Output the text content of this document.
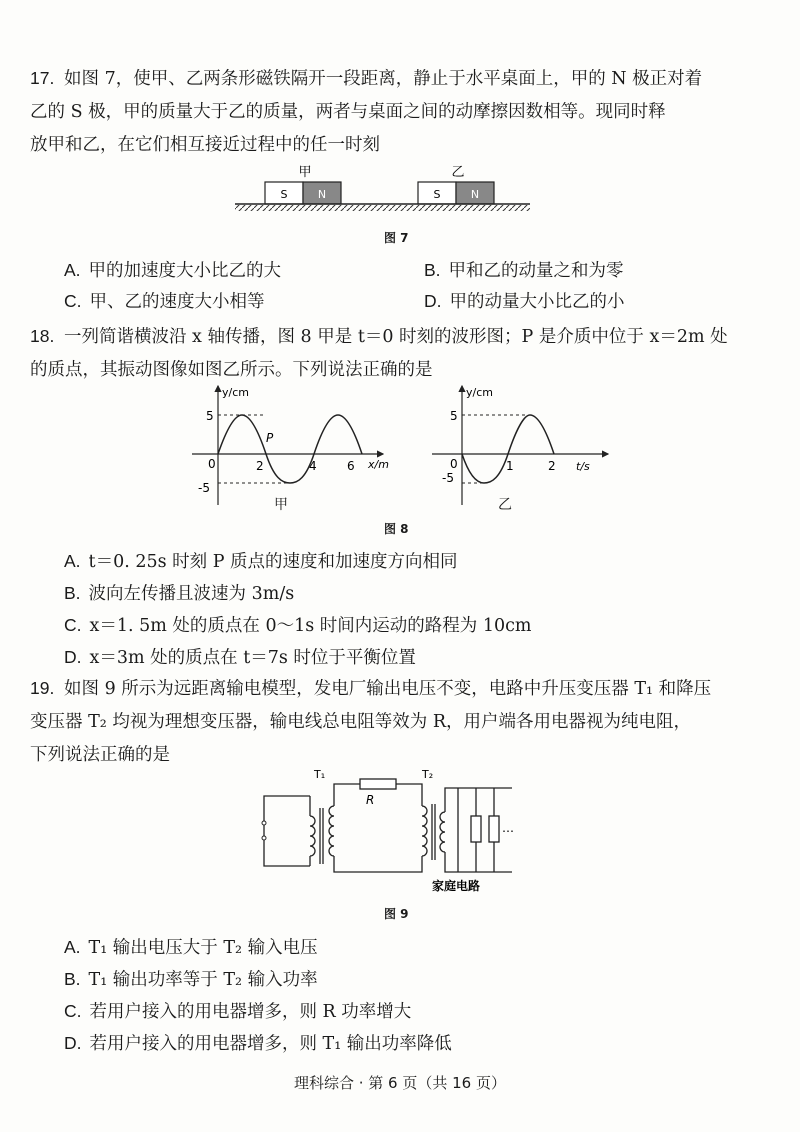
17. 如图 7，使甲、乙两条形磁铁隔开一段距离，静止于水平桌面上，甲的 N 极正对着
乙的 S 极，甲的质量大于乙的质量，两者与桌面之间的动摩擦因数相等。现同时释
放甲和乙，在它们相互接近过程中的任一时刻
甲	乙
S	N	S	N
图 7
A. 甲的加速度大小比乙的大	B. 甲和乙的动量之和为零
C. 甲、乙的速度大小相等	D. 甲的动量大小比乙的小
18. 一列简谐横波沿 x 轴传播，图 8 甲是 t＝0 时刻的波形图；P 是介质中位于 x＝2m 处
的质点，其振动图像如图乙所示。下列说法正确的是
y/cm
x/m
0
5
-5
2	4	6
P
甲
y/cm
t/s
0
5
-5
1	2
乙
图 8
A. t＝0. 25s 时刻 P 质点的速度和加速度方向相同
B. 波向左传播且波速为 3m/s
C. x＝1. 5m 处的质点在 0～1s 时间内运动的路程为 10cm
D. x＝3m 处的质点在 t＝7s 时位于平衡位置
19. 如图 9 所示为远距离输电模型，发电厂输出电压不变，电路中升压变压器 T₁ 和降压
变压器 T₂ 均视为理想变压器，输电线总电阻等效为 R，用户端各用电器视为纯电阻，
下列说法正确的是
T₁
R
T₂
…
家庭电路
图 9
A. T₁ 输出电压大于 T₂ 输入电压
B. T₁ 输出功率等于 T₂ 输入功率
C. 若用户接入的用电器增多，则 R 功率增大
D. 若用户接入的用电器增多，则 T₁ 输出功率降低
理科综合 · 第 6 页（共 16 页）
